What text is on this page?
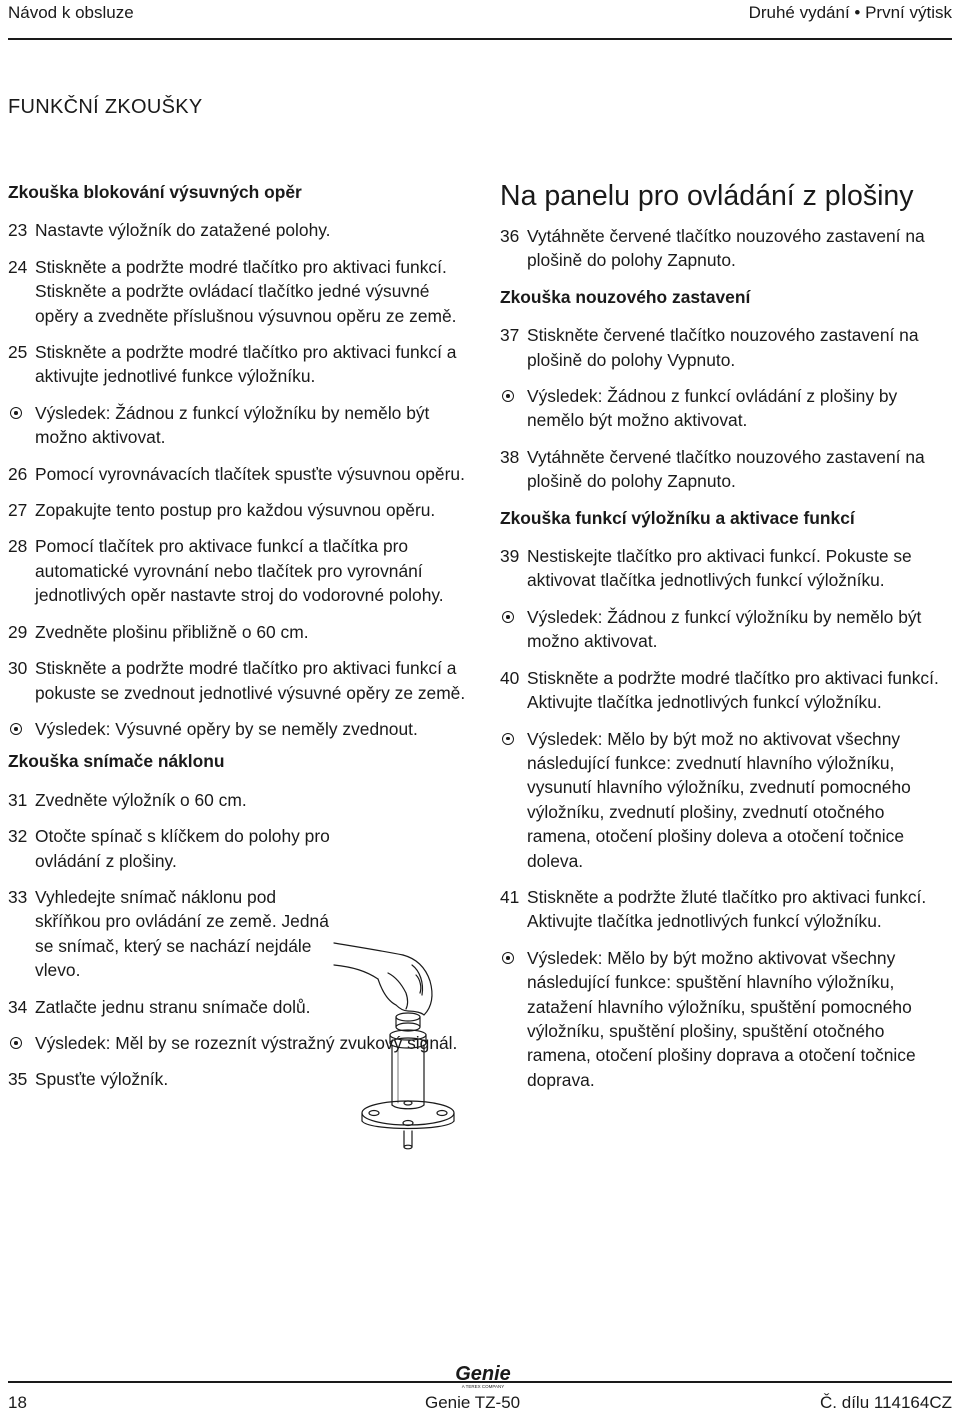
Návod k obsluze	Druhé vydání • První výtisk
FUNKČNÍ ZKOUŠKY
Zkouška blokování výsuvných opěr
23 Nastavte výložník do zatažené polohy.
24 Stiskněte a podržte modré tlačítko pro aktivaci funkcí. Stiskněte a podržte ovládací tlačítko jedné výsuvné opěry a zvedněte příslušnou výsuvnou opěru ze země.
25 Stiskněte a podržte modré tlačítko pro aktivaci funkcí a aktivujte jednotlivé funkce výložníku.
Výsledek: Žádnou z funkcí výložníku by nemělo být možno aktivovat.
26 Pomocí vyrovnávacích tlačítek spusťte výsuvnou opěru.
27 Zopakujte tento postup pro každou výsuvnou opěru.
28 Pomocí tlačítek pro aktivace funkcí a tlačítka pro automatické vyrovnání nebo tlačítek pro vyrovnání jednotlivých opěr nastavte stroj do vodorovné polohy.
29 Zvedněte plošinu přibližně o 60 cm.
30 Stiskněte a podržte modré tlačítko pro aktivaci funkcí a pokuste se zvednout jednotlivé výsuvné opěry ze země.
Výsledek: Výsuvné opěry by se neměly zvednout.
Zkouška snímače náklonu
31 Zvedněte výložník o 60 cm.
32 Otočte spínač s klíčkem do polohy pro ovládání z plošiny.
33 Vyhledejte snímač náklonu pod skříňkou pro ovládání ze země. Jedná se snímač, který se nachází nejdále vlevo.
34 Zatlačte jednu stranu snímače dolů.
Výsledek: Měl by se rozeznít výstražný zvukový signál.
35 Spusťte výložník.
Na panelu pro ovládání z plošiny
36 Vytáhněte červené tlačítko nouzového zastavení na plošině do polohy Zapnuto.
Zkouška nouzového zastavení
37 Stiskněte červené tlačítko nouzového zastavení na plošině do polohy Vypnuto.
Výsledek: Žádnou z funkcí ovládání z plošiny by nemělo být možno aktivovat.
38 Vytáhněte červené tlačítko nouzového zastavení na plošině do polohy Zapnuto.
Zkouška funkcí výložníku a aktivace funkcí
39 Nestiskejte tlačítko pro aktivaci funkcí. Pokuste se aktivovat tlačítka jednotlivých funkcí výložníku.
Výsledek: Žádnou z funkcí výložníku by nemělo být možno aktivovat.
40 Stiskněte a podržte modré tlačítko pro aktivaci funkcí. Aktivujte tlačítka jednotlivých funkcí výložníku.
Výsledek: Mělo by být mož no aktivovat všechny následující funkce: zvednutí hlavního výložníku, vysunutí hlavního výložníku, zvednutí pomocného výložníku, zvednutí plošiny, zvednutí otočného ramena, otočení plošiny doleva a otočení točnice doleva.
41 Stiskněte a podržte žluté tlačítko pro aktivaci funkcí. Aktivujte tlačítka jednotlivých funkcí výložníku.
Výsledek: Mělo by být možno aktivovat všechny následující funkce: spuštění hlavního výložníku, zatažení hlavního výložníku, spuštění pomocného výložníku, spuštění plošiny, spuštění otočného ramena, otočení plošiny doprava a otočení točnice doprava.
Genie
A TEREX COMPANY
18	Genie TZ-50	Č. dílu 114164CZ
